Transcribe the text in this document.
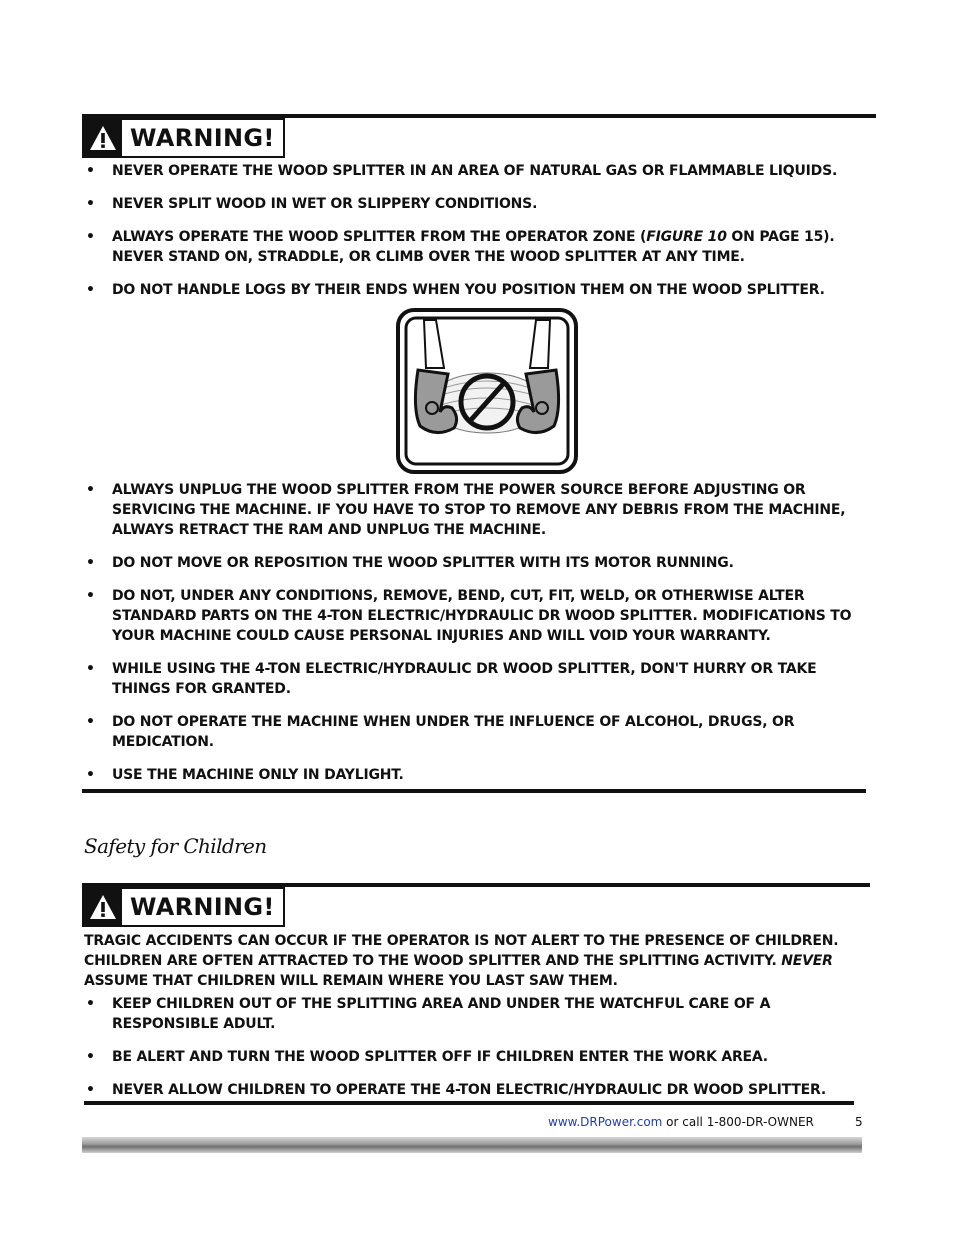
WARNING!
• NEVER OPERATE THE WOOD SPLITTER IN AN AREA OF NATURAL GAS OR FLAMMABLE LIQUIDS.
• NEVER SPLIT WOOD IN WET OR SLIPPERY CONDITIONS.
• ALWAYS OPERATE THE WOOD SPLITTER FROM THE OPERATOR ZONE (FIGURE 10 ON PAGE 15). NEVER STAND ON, STRADDLE, OR CLIMB OVER THE WOOD SPLITTER AT ANY TIME.
• DO NOT HANDLE LOGS BY THEIR ENDS WHEN YOU POSITION THEM ON THE WOOD SPLITTER.
• ALWAYS UNPLUG THE WOOD SPLITTER FROM THE POWER SOURCE BEFORE ADJUSTING OR SERVICING THE MACHINE. IF YOU HAVE TO STOP TO REMOVE ANY DEBRIS FROM THE MACHINE, ALWAYS RETRACT THE RAM AND UNPLUG THE MACHINE.
• DO NOT MOVE OR REPOSITION THE WOOD SPLITTER WITH ITS MOTOR RUNNING.
• DO NOT, UNDER ANY CONDITIONS, REMOVE, BEND, CUT, FIT, WELD, OR OTHERWISE ALTER STANDARD PARTS ON THE 4-TON ELECTRIC/HYDRAULIC DR WOOD SPLITTER. MODIFICATIONS TO YOUR MACHINE COULD CAUSE PERSONAL INJURIES AND WILL VOID YOUR WARRANTY.
• WHILE USING THE 4-TON ELECTRIC/HYDRAULIC DR WOOD SPLITTER, DON'T HURRY OR TAKE THINGS FOR GRANTED.
• DO NOT OPERATE THE MACHINE WHEN UNDER THE INFLUENCE OF ALCOHOL, DRUGS, OR MEDICATION.
• USE THE MACHINE ONLY IN DAYLIGHT.
Safety for Children
WARNING!
TRAGIC ACCIDENTS CAN OCCUR IF THE OPERATOR IS NOT ALERT TO THE PRESENCE OF CHILDREN. CHILDREN ARE OFTEN ATTRACTED TO THE WOOD SPLITTER AND THE SPLITTING ACTIVITY. NEVER ASSUME THAT CHILDREN WILL REMAIN WHERE YOU LAST SAW THEM.
• KEEP CHILDREN OUT OF THE SPLITTING AREA AND UNDER THE WATCHFUL CARE OF A RESPONSIBLE ADULT.
• BE ALERT AND TURN THE WOOD SPLITTER OFF IF CHILDREN ENTER THE WORK AREA.
• NEVER ALLOW CHILDREN TO OPERATE THE 4-TON ELECTRIC/HYDRAULIC DR WOOD SPLITTER.
www.DRPower.com or call 1-800-DR-OWNER	5
